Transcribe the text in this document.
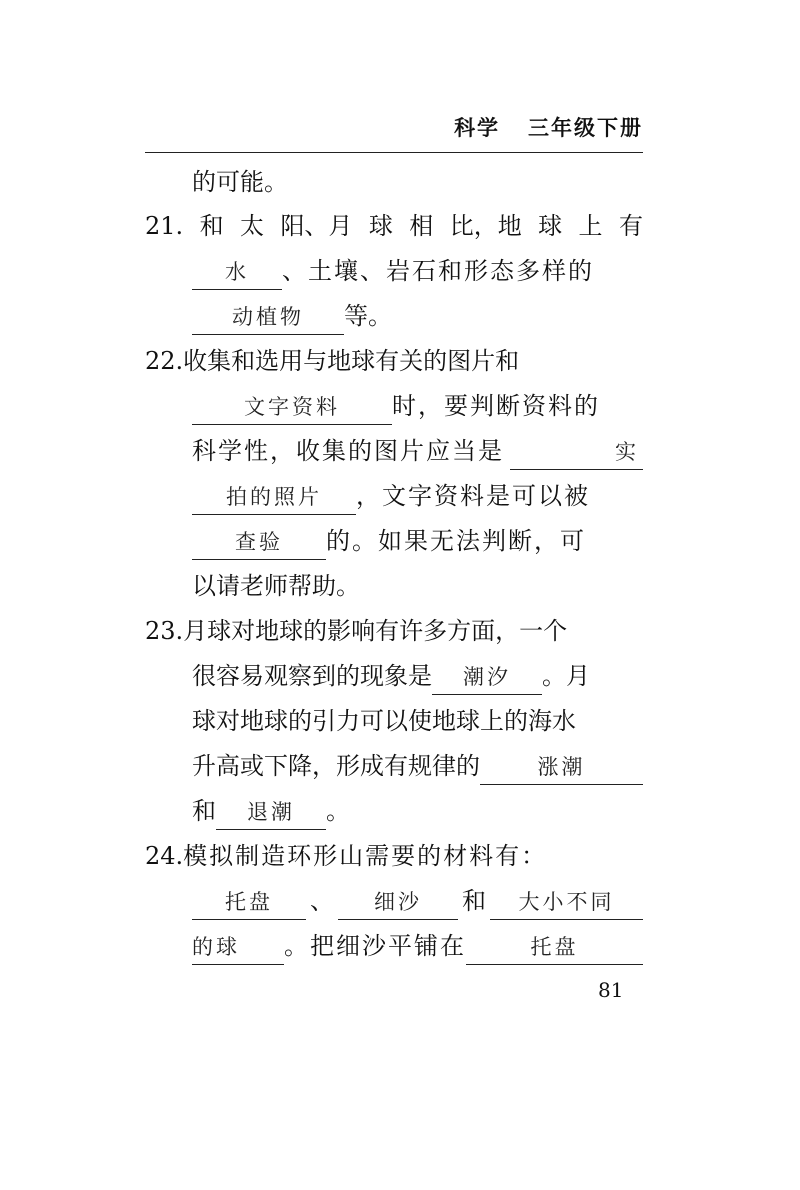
科学   三年级下册
的可能。
21. 和 太 阳、月 球 相 比，地 球 上 有
水	、土壤、岩石和形态多样的
动植物	等。
22.收集和选用与地球有关的图片和
文字资料	时，要判断资料的
科学性，收集的图片应当是	实
拍的照片	，文字资料是可以被
查验	的。如果无法判断，可
以请老师帮助。
23.月球对地球的影响有许多方面，一个
很容易观察到的现象是	潮汐	。月
球对地球的引力可以使地球上的海水
升高或下降，形成有规律的	涨潮
和	退潮	。
24.模拟制造环形山需要的材料有：
托盘	、	细沙	和	大小不同
的球	。把细沙平铺在	托盘
81
